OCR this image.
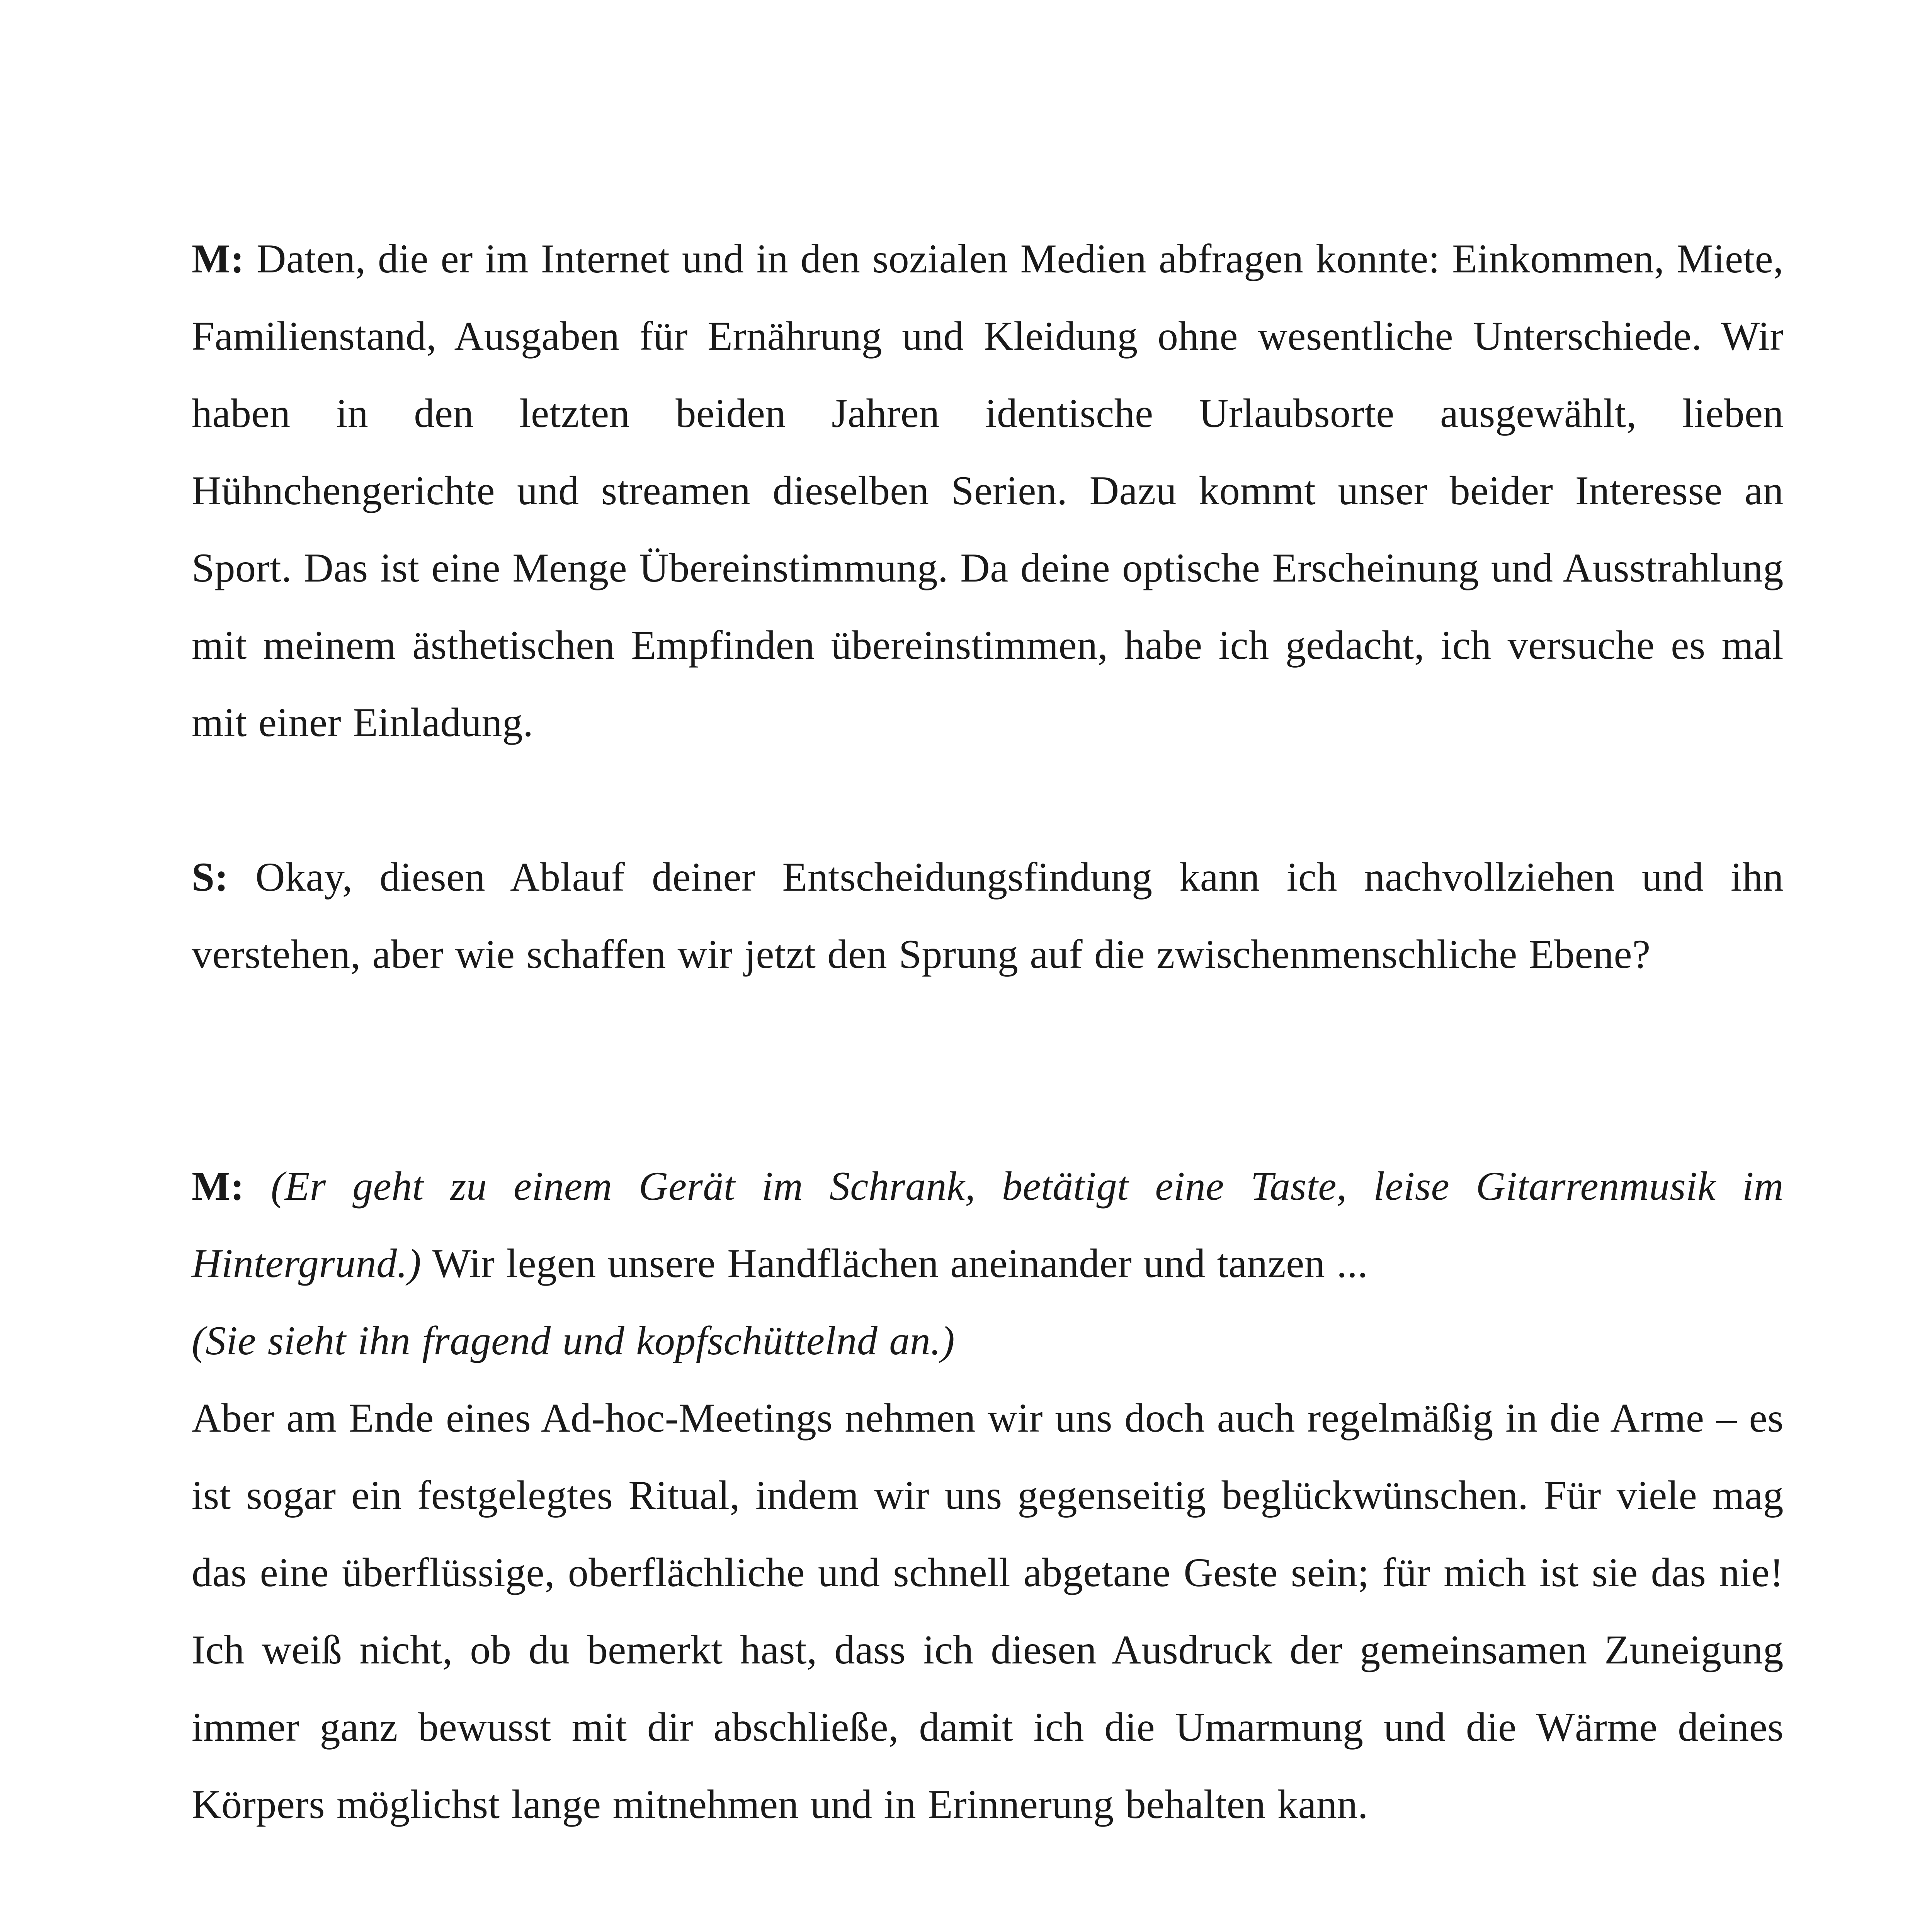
M: Daten, die er im Internet und in den sozialen Medien abfragen konnte: Einkommen, Miete, Familienstand, Ausgaben für Ernährung und Kleidung ohne wesentliche Unterschiede. Wir haben in den letzten beiden Jahren identische Urlaubsorte ausgewählt, lieben Hühnchengerichte und streamen dieselben Serien. Dazu kommt unser beider Interesse an Sport. Das ist eine Menge Übereinstimmung. Da deine optische Erscheinung und Ausstrahlung mit meinem ästhetischen Empfinden übereinstimmen, habe ich gedacht, ich versuche es mal mit einer Einladung.
S: Okay, diesen Ablauf deiner Entscheidungsfindung kann ich nachvollziehen und ihn verstehen, aber wie schaffen wir jetzt den Sprung auf die zwischenmenschliche Ebene?
M: (Er geht zu einem Gerät im Schrank, betätigt eine Taste, leise Gitarrenmusik im Hintergrund.) Wir legen unsere Handflächen aneinander und tanzen ...
(Sie sieht ihn fragend und kopfschüttelnd an.)
Aber am Ende eines Ad-hoc-Meetings nehmen wir uns doch auch regelmäßig in die Arme – es ist sogar ein festgelegtes Ritual, indem wir uns gegenseitig beglückwünschen. Für viele mag das eine überflüssige, oberflächliche und schnell abgetane Geste sein; für mich ist sie das nie! Ich weiß nicht, ob du bemerkt hast, dass ich diesen Ausdruck der gemeinsamen Zuneigung immer ganz bewusst mit dir abschließe, damit ich die Umarmung und die Wärme deines Körpers möglichst lange mitnehmen und in Erinnerung behalten kann.
